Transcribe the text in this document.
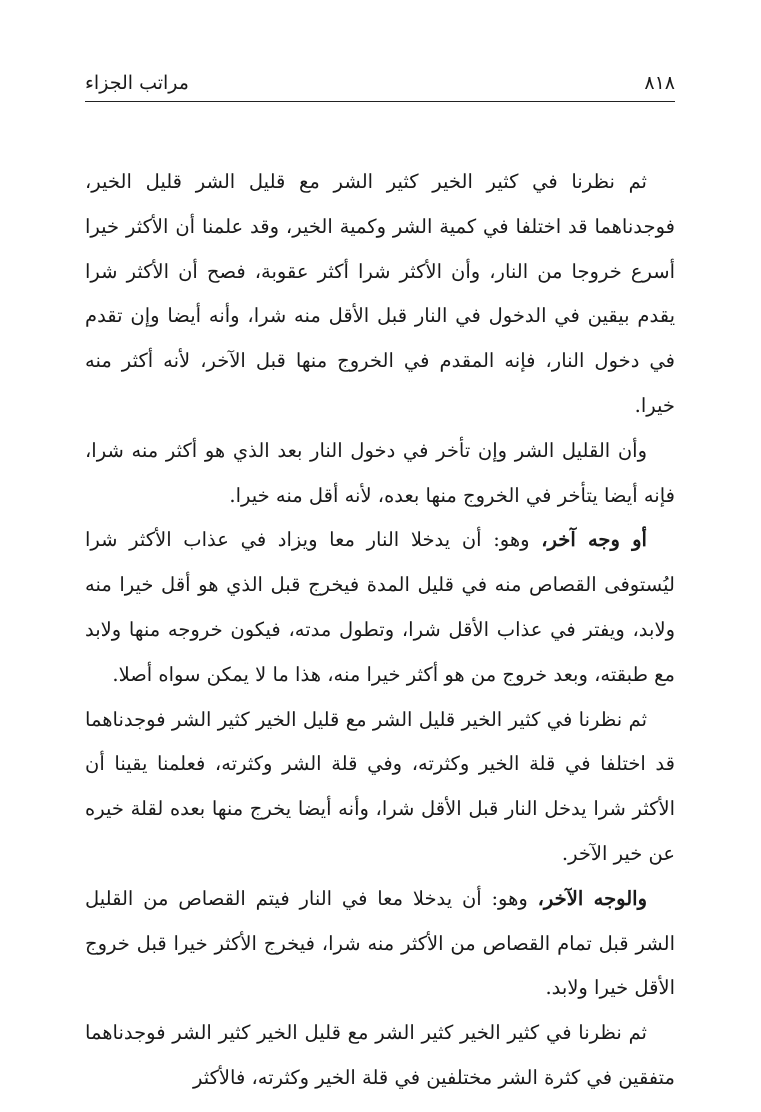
٨١٨
مراتب الجزاء

ثم نظرنا في كثير الخير كثير الشر مع قليل الشر قليل الخير، فوجدناهما قد اختلفا في كمية الشر وكمية الخير، وقد علمنا أن الأكثر خيرا أسرع خروجا من النار، وأن الأكثر شرا أكثر عقوبة، فصح أن الأكثر شرا يقدم بيقين في الدخول في النار قبل الأقل منه شرا، وأنه أيضا وإن تقدم في دخول النار، فإنه المقدم في الخروج منها قبل الآخر، لأنه أكثر منه خيرا.

وأن القليل الشر وإن تأخر في دخول النار بعد الذي هو أكثر منه شرا، فإنه أيضا يتأخر في الخروج منها بعده، لأنه أقل منه خيرا.

أو وجه آخر، وهو: أن يدخلا النار معا ويزاد في عذاب الأكثر شرا ليُستوفى القصاص منه في قليل المدة فيخرج قبل الذي هو أقل خيرا منه ولابد، ويفتر في عذاب الأقل شرا، وتطول مدته، فيكون خروجه منها ولابد مع طبقته، وبعد خروج من هو أكثر خيرا منه، هذا ما لا يمكن سواه أصلا.

ثم نظرنا في كثير الخير قليل الشر مع قليل الخير كثير الشر فوجدناهما قد اختلفا في قلة الخير وكثرته، وفي قلة الشر وكثرته، فعلمنا يقينا أن الأكثر شرا يدخل النار قبل الأقل شرا، وأنه أيضا يخرج منها بعده لقلة خيره عن خير الآخر.

والوجه الآخر، وهو: أن يدخلا معا في النار فيتم القصاص من القليل الشر قبل تمام القصاص من الأكثر منه شرا، فيخرج الأكثر خيرا قبل خروج الأقل خيرا ولابد.

ثم نظرنا في كثير الخير كثير الشر مع قليل الخير كثير الشر فوجدناهما متفقين في كثرة الشر مختلفين في قلة الخير وكثرته، فالأكثر
